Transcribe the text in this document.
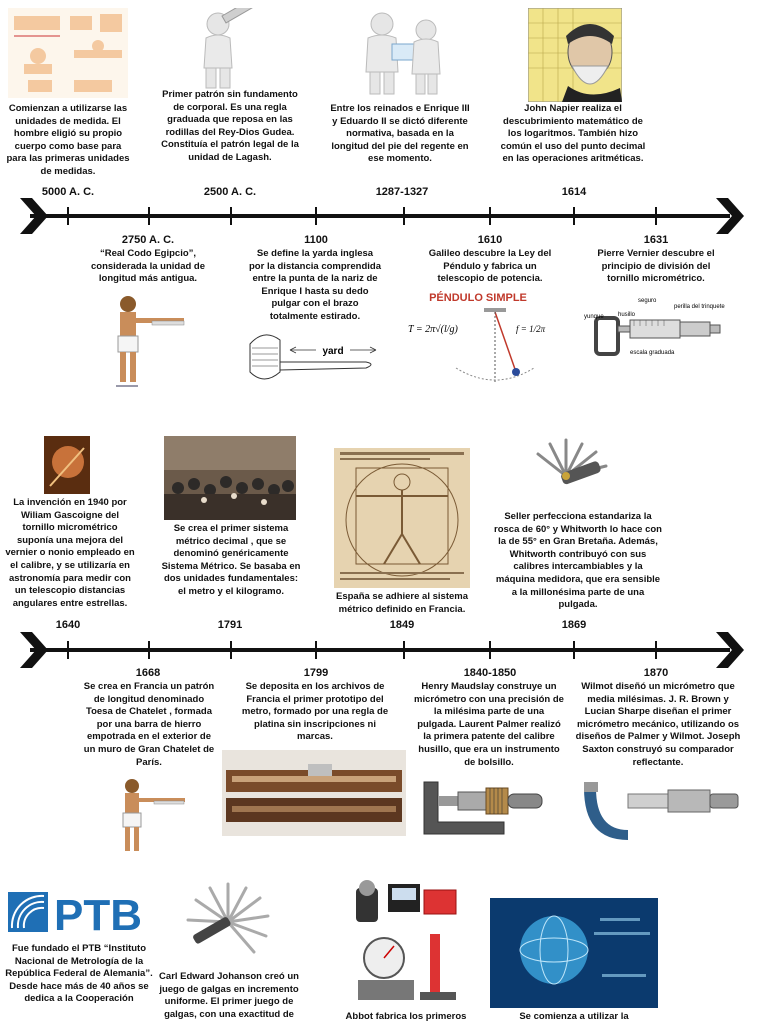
Comienzan a utilizarse las unidades de medida. El hombre eligió su propio cuerpo como base para para las primeras unidades de medidas.

Primer patrón sin fundamento de corporal. Es una regla graduada que reposa en las rodillas del Rey-Dios Gudea. Constituía el patrón legal de la unidad de Lagash.

Entre los reinados e Enrique III y Eduardo II se dictó diferente normativa, basada en la longitud del pie del regente en ese momento.

John Napier realiza el descubrimiento matemático de los logaritmos. También hizo común el uso del punto decimal en las operaciones aritméticas.

5000 A. C.	2500 A. C.	1287-1327	1614
2750 A. C.	1100	1610	1631

“Real Codo Egipcio”, considerada la unidad de longitud más antigua.

Se define la yarda inglesa por la distancia comprendida entre la punta de la nariz de Enrique I hasta su dedo pulgar con el brazo totalmente estirado.

Galileo descubre la Ley del Péndulo y fabrica un telescopio de potencia.

Pierre Vernier descubre el principio de división del tornillo micrométrico.

yard
PÉNDULO SIMPLE
T = 2π√(l/g)	f = 1/2π
seguro
yunque husillo
perilla del trinquete
escala graduada

La invención en 1940 por Wiliam Gascoigne del tornillo micrométrico suponía una mejora del vernier o nonio empleado en el calibre, y se utilizaría en astronomía para medir con un telescopio distancias angulares entre estrellas.

Se crea el primer sistema métrico decimal , que se denominó genéricamente Sistema Métrico. Se basaba en dos unidades fundamentales: el metro y el kilogramo.	España se adhiere al sistema métrico definido en Francia.

Seller perfecciona estandariza la rosca de 60° y Whitworth lo hace con la de 55° en Gran Bretaña. Además, Whitworth contribuyó con sus calibres intercambiables y la máquina medidora, que era sensible a la millonésima parte de una pulgada.

1640	1791	1849	1869
1668	1799	1840-1850	1870

Se crea en Francia un patrón de longitud denominado Toesa de Chatelet , formada por una barra de hierro empotrada en el exterior de un muro de Gran Chatelet de París.

Se deposita en los archivos de Francia el primer prototipo del metro, formado por una regla de platina sin inscripciones ni marcas.

Henry Maudslay construye un micrómetro con una precisión de la milésima parte de una pulgada. Laurent Palmer realizó la primera patente del calibre husillo, que era un instrumento de bolsillo.

Wilmot diseñó un micrómetro que media milésimas. J. R. Brown y Lucian Sharpe diseñan el primer micrómetro mecánico, utilizando os diseños de Palmer y Wilmot. Joseph Saxton construyó su comparador reflectante.

PTB

Fue fundado el PTB “Instituto Nacional de Metrología de la República Federal de Alemania”. Desde hace más de 40 años se dedica a la Cooperación

Carl Edward Johanson creó un juego de galgas en incremento uniforme. El primer juego de galgas, con una exactitud de	Abbot fabrica los primeros	Se comienza a utilizar la
